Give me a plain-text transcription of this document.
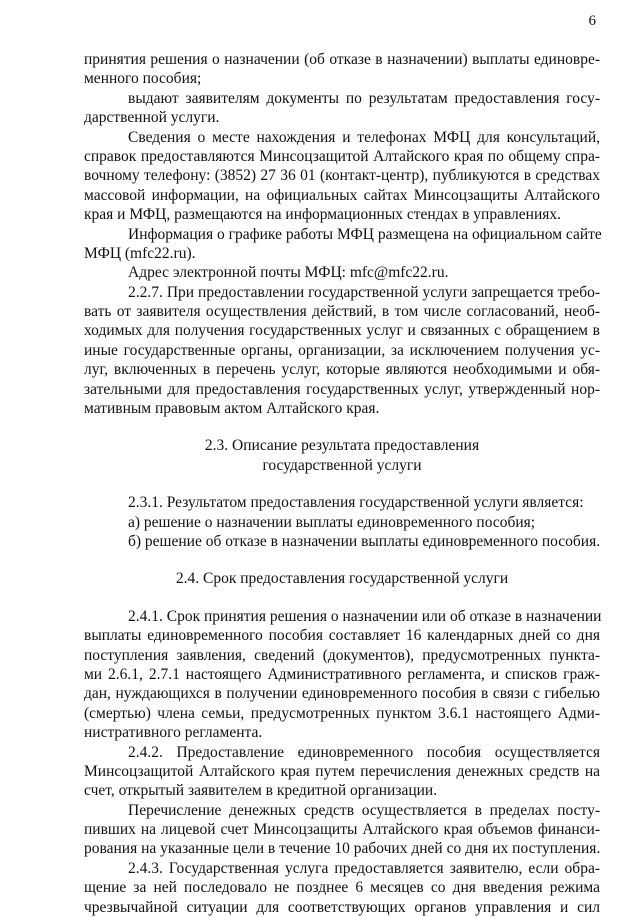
6
принятия решения о назначении (об отказе в назначении) выплаты единовре-
менного пособия;
выдают заявителям документы по результатам предоставления госу-
дарственной услуги.
Сведения о месте нахождения и телефонах МФЦ для консультаций,
справок предоставляются Минсоцзащитой Алтайского края по общему спра-
вочному телефону: (3852) 27 36 01 (контакт-центр), публикуются в средствах
массовой информации, на официальных сайтах Минсоцзащиты Алтайского
края и МФЦ, размещаются на информационных стендах в управлениях.
Информация о графике работы МФЦ размещена на официальном сайте
МФЦ (mfc22.ru).
Адрес электронной почты МФЦ: mfc@mfc22.ru.
2.2.7. При предоставлении государственной услуги запрещается требо-
вать от заявителя осуществления действий, в том числе согласований, необ-
ходимых для получения государственных услуг и связанных с обращением в
иные государственные органы, организации, за исключением получения ус-
луг, включенных в перечень услуг, которые являются необходимыми и обя-
зательными для предоставления государственных услуг, утвержденный нор-
мативным правовым актом Алтайского края.
2.3. Описание результата предоставления
государственной услуги
2.3.1. Результатом предоставления государственной услуги является:
а) решение о назначении выплаты единовременного пособия;
б) решение об отказе в назначении выплаты единовременного пособия.
2.4. Срок предоставления государственной услуги
2.4.1. Срок принятия решения о назначении или об отказе в назначении
выплаты единовременного пособия составляет 16 календарных дней со дня
поступления заявления, сведений (документов), предусмотренных пункта-
ми 2.6.1, 2.7.1 настоящего Административного регламента, и списков граж-
дан, нуждающихся в получении единовременного пособия в связи с гибелью
(смертью) члена семьи, предусмотренных пунктом 3.6.1 настоящего Адми-
нистративного регламента.
2.4.2. Предоставление единовременного пособия осуществляется
Минсоцзащитой Алтайского края путем перечисления денежных средств на
счет, открытый заявителем в кредитной организации.
Перечисление денежных средств осуществляется в пределах посту-
пивших на лицевой счет Минсоцзащиты Алтайского края объемов финанси-
рования на указанные цели в течение 10 рабочих дней со дня их поступления.
2.4.3. Государственная услуга предоставляется заявителю, если обра-
щение за ней последовало не позднее 6 месяцев со дня введения режима
чрезвычайной ситуации для соответствующих органов управления и сил
